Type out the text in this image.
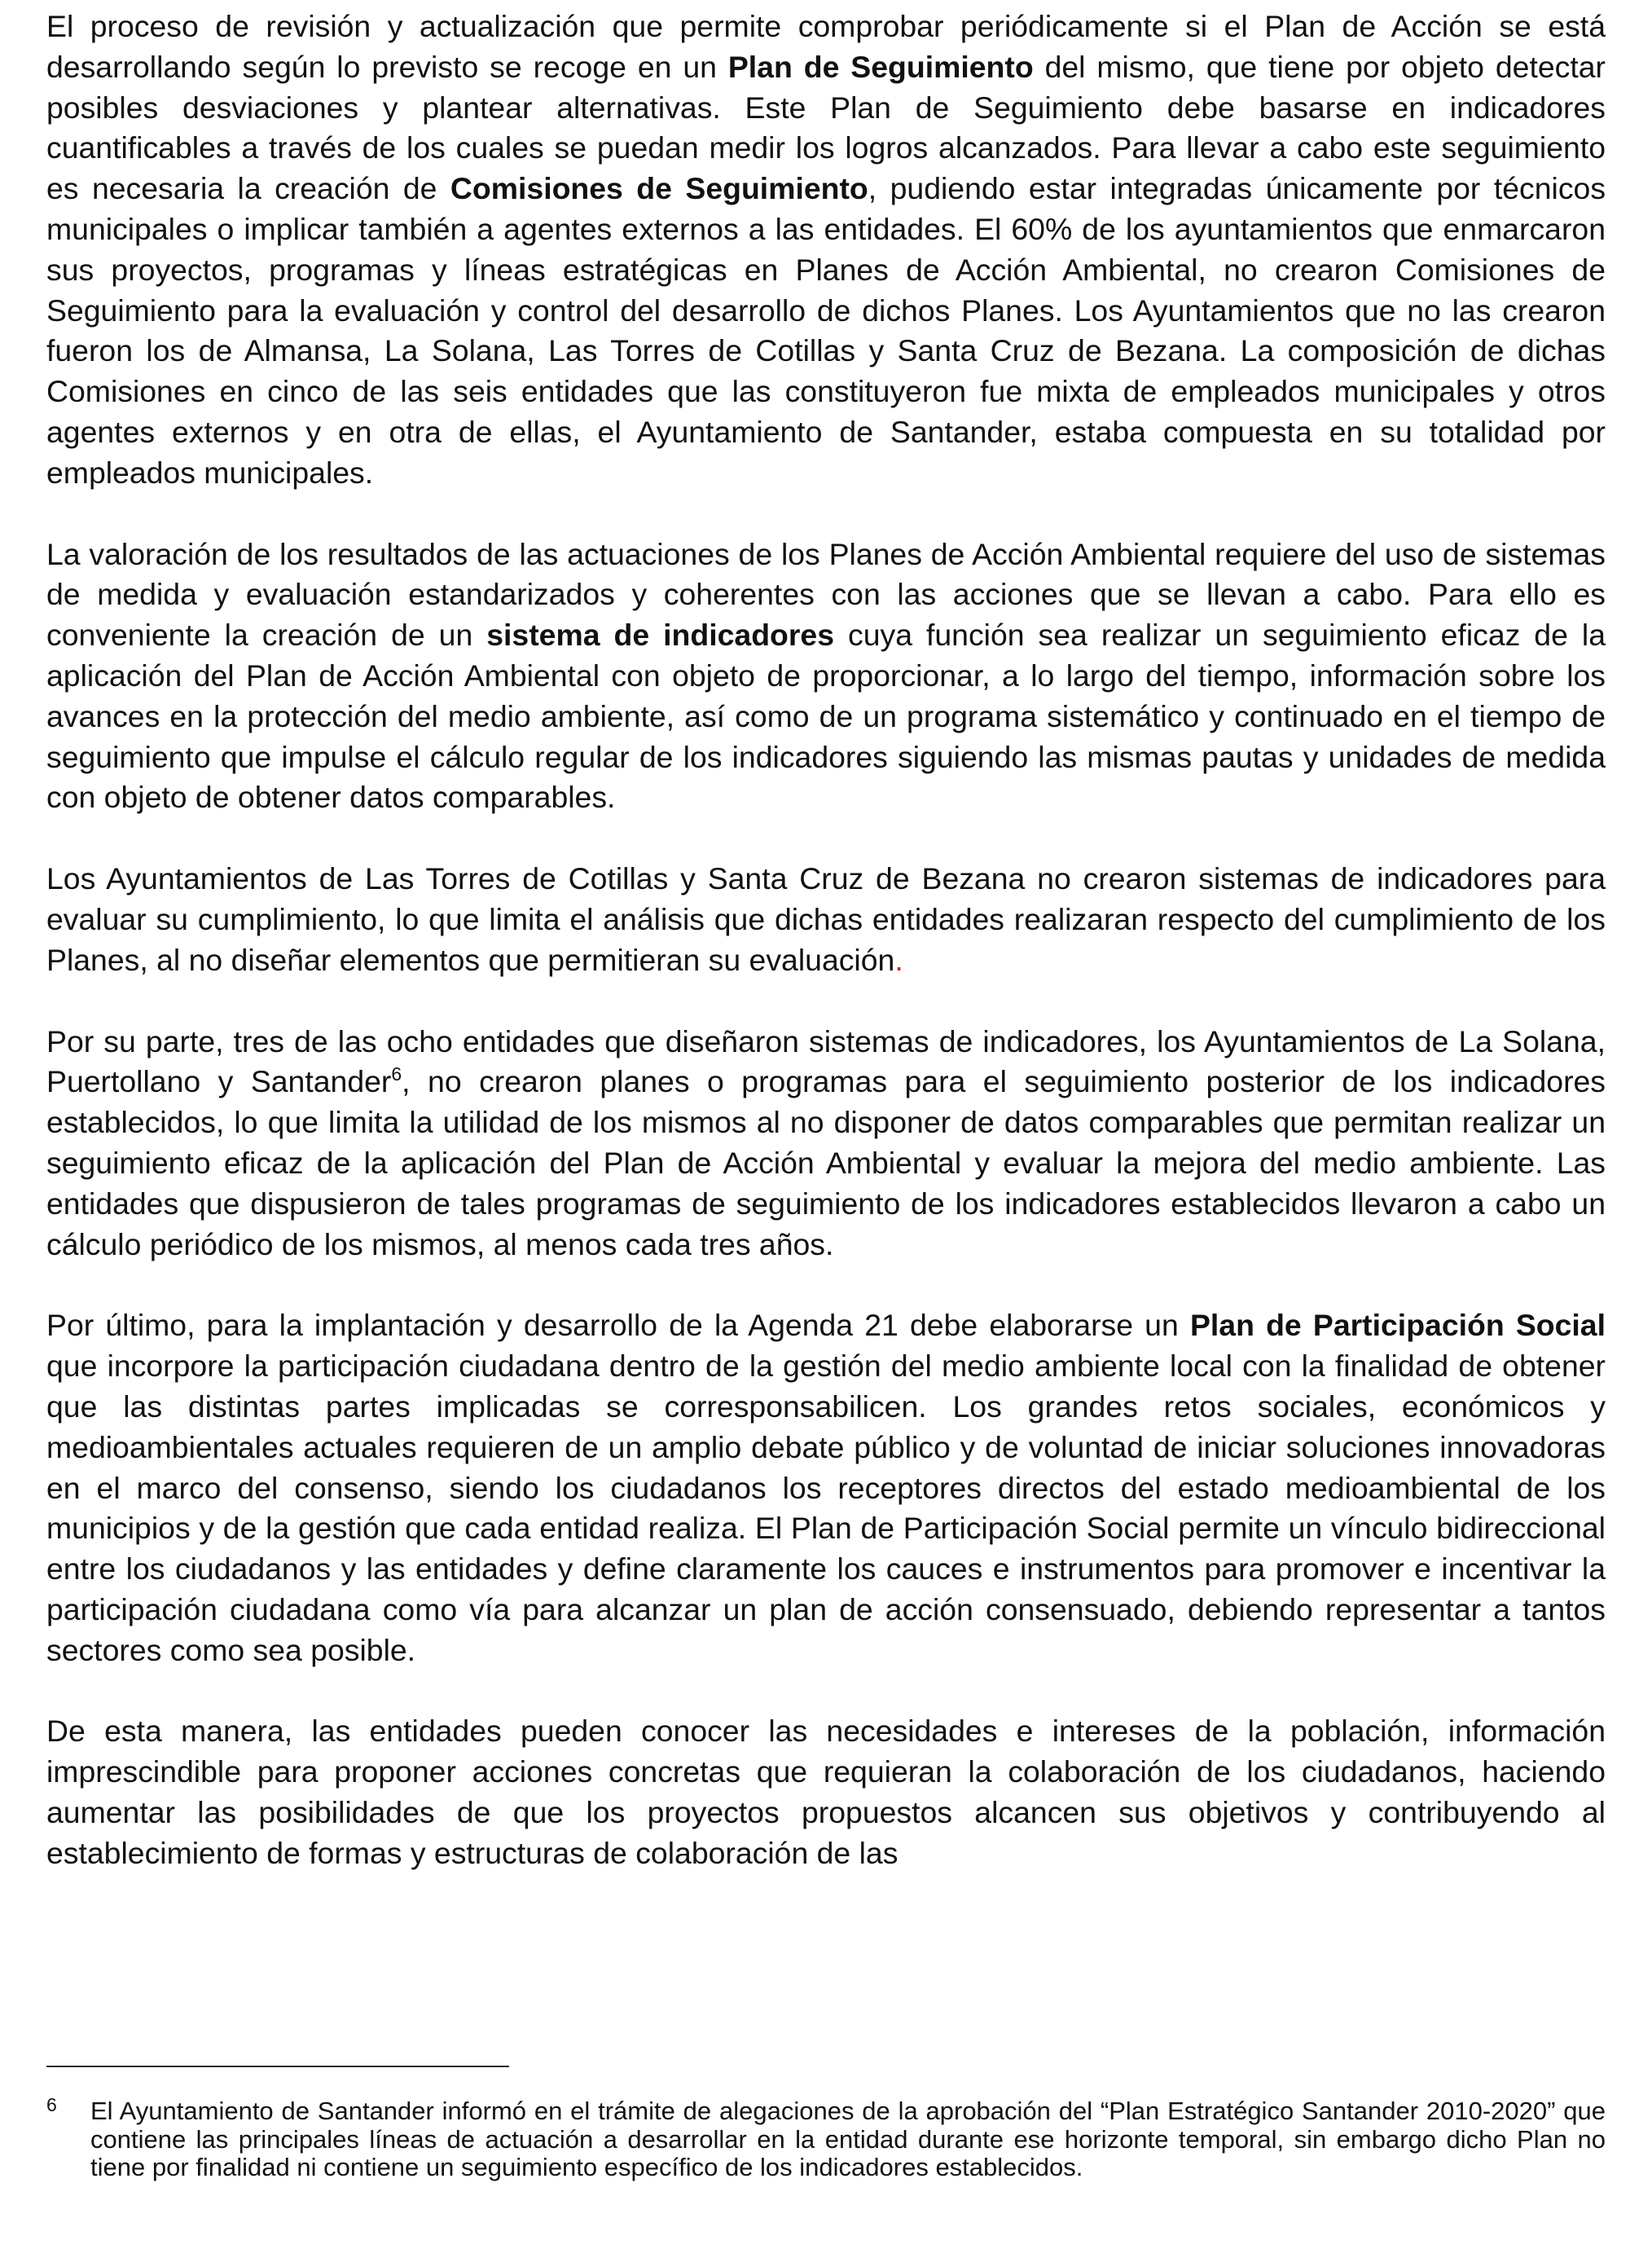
El proceso de revisión y actualización que permite comprobar periódicamente si el Plan de Acción se está desarrollando según lo previsto se recoge en un Plan de Seguimiento del mismo, que tiene por objeto detectar posibles desviaciones y plantear alternativas. Este Plan de Seguimiento debe basarse en indicadores cuantificables a través de los cuales se puedan medir los logros alcanzados. Para llevar a cabo este seguimiento es necesaria la creación de Comisiones de Seguimiento, pudiendo estar integradas únicamente por técnicos municipales o implicar también a agentes externos a las entidades. El 60% de los ayuntamientos que enmarcaron sus proyectos, programas y líneas estratégicas en Planes de Acción Ambiental, no crearon Comisiones de Seguimiento para la evaluación y control del desarrollo de dichos Planes. Los Ayuntamientos que no las crearon fueron los de Almansa, La Solana, Las Torres de Cotillas y Santa Cruz de Bezana. La composición de dichas Comisiones en cinco de las seis entidades que las constituyeron fue mixta de empleados municipales y otros agentes externos y en otra de ellas, el Ayuntamiento de Santander, estaba compuesta en su totalidad por empleados municipales.

La valoración de los resultados de las actuaciones de los Planes de Acción Ambiental requiere del uso de sistemas de medida y evaluación estandarizados y coherentes con las acciones que se llevan a cabo. Para ello es conveniente la creación de un sistema de indicadores cuya función sea realizar un seguimiento eficaz de la aplicación del Plan de Acción Ambiental con objeto de proporcionar, a lo largo del tiempo, información sobre los avances en la protección del medio ambiente, así como de un programa sistemático y continuado en el tiempo de seguimiento que impulse el cálculo regular de los indicadores siguiendo las mismas pautas y unidades de medida con objeto de obtener datos comparables.

Los Ayuntamientos de Las Torres de Cotillas y Santa Cruz de Bezana no crearon sistemas de indicadores para evaluar su cumplimiento, lo que limita el análisis que dichas entidades realizaran respecto del cumplimiento de los Planes, al no diseñar elementos que permitieran su evaluación.

Por su parte, tres de las ocho entidades que diseñaron sistemas de indicadores, los Ayuntamientos de La Solana, Puertollano y Santander$^6$, no crearon planes o programas para el seguimiento posterior de los indicadores establecidos, lo que limita la utilidad de los mismos al no disponer de datos comparables que permitan realizar un seguimiento eficaz de la aplicación del Plan de Acción Ambiental y evaluar la mejora del medio ambiente. Las entidades que dispusieron de tales programas de seguimiento de los indicadores establecidos llevaron a cabo un cálculo periódico de los mismos, al menos cada tres años.

Por último, para la implantación y desarrollo de la Agenda 21 debe elaborarse un Plan de Participación Social que incorpore la participación ciudadana dentro de la gestión del medio ambiente local con la finalidad de obtener que las distintas partes implicadas se corresponsabilicen. Los grandes retos sociales, económicos y medioambientales actuales requieren de un amplio debate público y de voluntad de iniciar soluciones innovadoras en el marco del consenso, siendo los ciudadanos los receptores directos del estado medioambiental de los municipios y de la gestión que cada entidad realiza. El Plan de Participación Social permite un vínculo bidireccional entre los ciudadanos y las entidades y define claramente los cauces e instrumentos para promover e incentivar la participación ciudadana como vía para alcanzar un plan de acción consensuado, debiendo representar a tantos sectores como sea posible.

De esta manera, las entidades pueden conocer las necesidades e intereses de la población, información imprescindible para proponer acciones concretas que requieran la colaboración de los ciudadanos, haciendo aumentar las posibilidades de que los proyectos propuestos alcancen sus objetivos y contribuyendo al establecimiento de formas y estructuras de colaboración de las

6 El Ayuntamiento de Santander informó en el trámite de alegaciones de la aprobación del “Plan Estratégico Santander 2010-2020” que contiene las principales líneas de actuación a desarrollar en la entidad durante ese horizonte temporal, sin embargo dicho Plan no tiene por finalidad ni contiene un seguimiento específico de los indicadores establecidos.
